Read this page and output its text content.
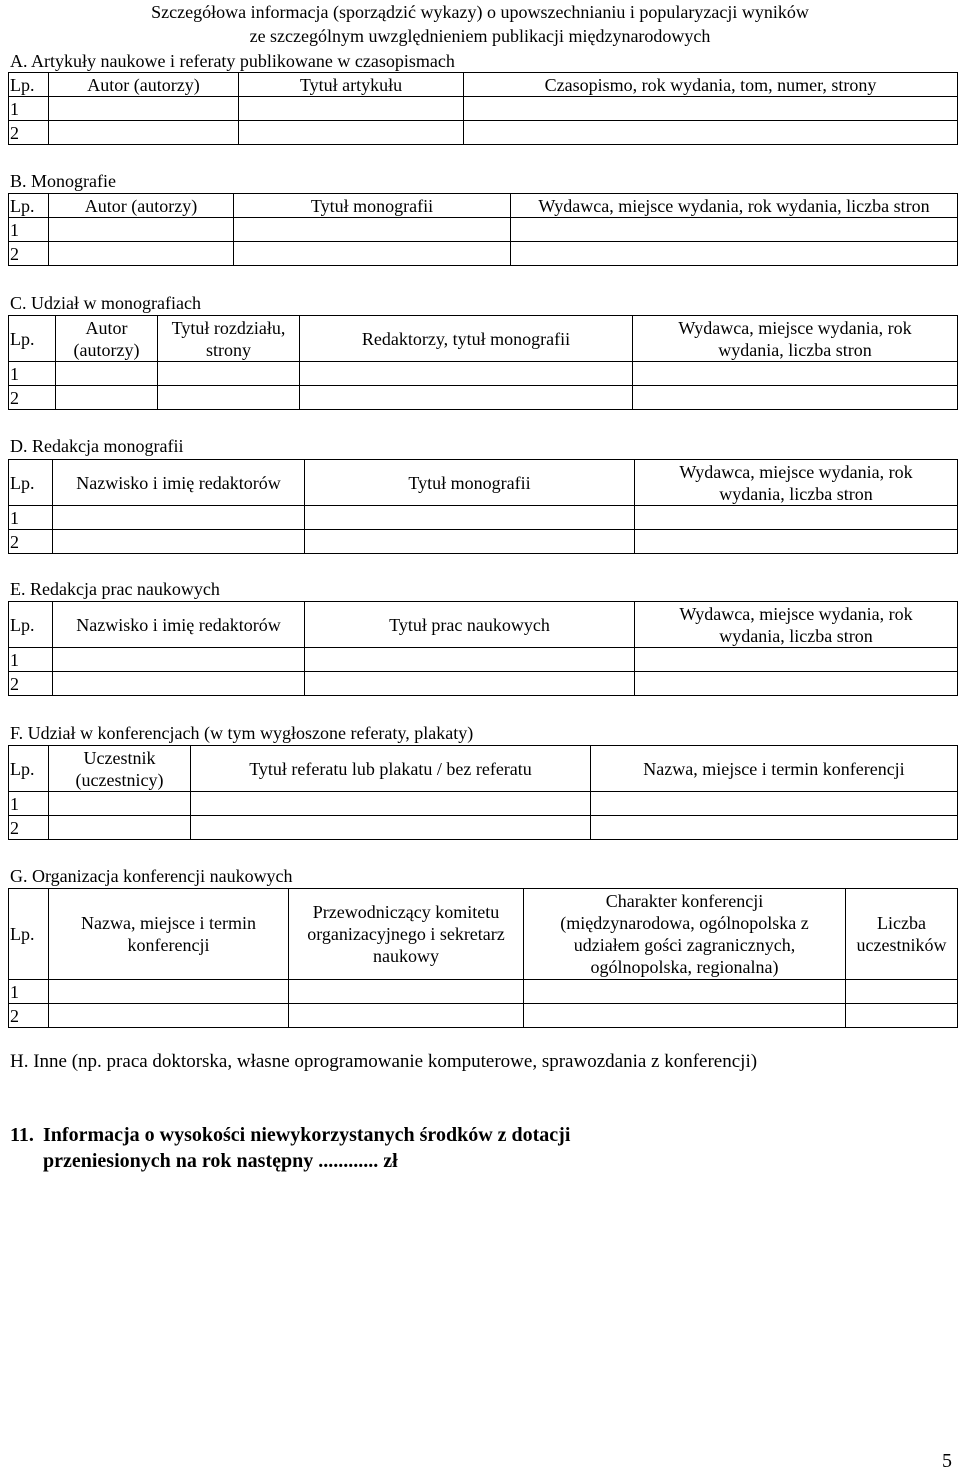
Szczegółowa informacja (sporządzić wykazy) o upowszechnianiu i popularyzacji wyników
ze szczególnym uwzględnieniem publikacji międzynarodowych
A. Artykuły naukowe i referaty publikowane w czasopismach
Lp.	Autor (autorzy)	Tytuł artykułu	Czasopismo, rok wydania, tom, numer, strony
1			
2			
B. Monografie
Lp.	Autor (autorzy)	Tytuł monografii	Wydawca, miejsce wydania, rok wydania, liczba stron
1			
2			
C. Udział w monografiach
Lp.	Autor (autorzy)	Tytuł rozdziału, strony	Redaktorzy, tytuł monografii	Wydawca, miejsce wydania, rok wydania, liczba stron
1				
2				
D. Redakcja monografii
Lp.	Nazwisko i imię redaktorów	Tytuł monografii	Wydawca, miejsce wydania, rok wydania, liczba stron
1			
2			
E. Redakcja prac naukowych
Lp.	Nazwisko i imię redaktorów	Tytuł prac naukowych	Wydawca, miejsce wydania, rok wydania, liczba stron
1			
2			
F. Udział w konferencjach (w tym wygłoszone referaty, plakaty)
Lp.	Uczestnik (uczestnicy)	Tytuł referatu lub plakatu / bez referatu	Nazwa, miejsce i termin konferencji
1			
2			
G. Organizacja konferencji naukowych
Lp.	Nazwa, miejsce i termin konferencji	Przewodniczący komitetu organizacyjnego i sekretarz naukowy	Charakter konferencji (międzynarodowa, ogólnopolska z udziałem gości zagranicznych, ogólnopolska, regionalna)	Liczba uczestników
1				
2				
H. Inne (np. praca doktorska, własne oprogramowanie komputerowe, sprawozdania z konferencji)
11. Informacja o wysokości niewykorzystanych środków z dotacji
przeniesionych na rok następny ............ zł
5
